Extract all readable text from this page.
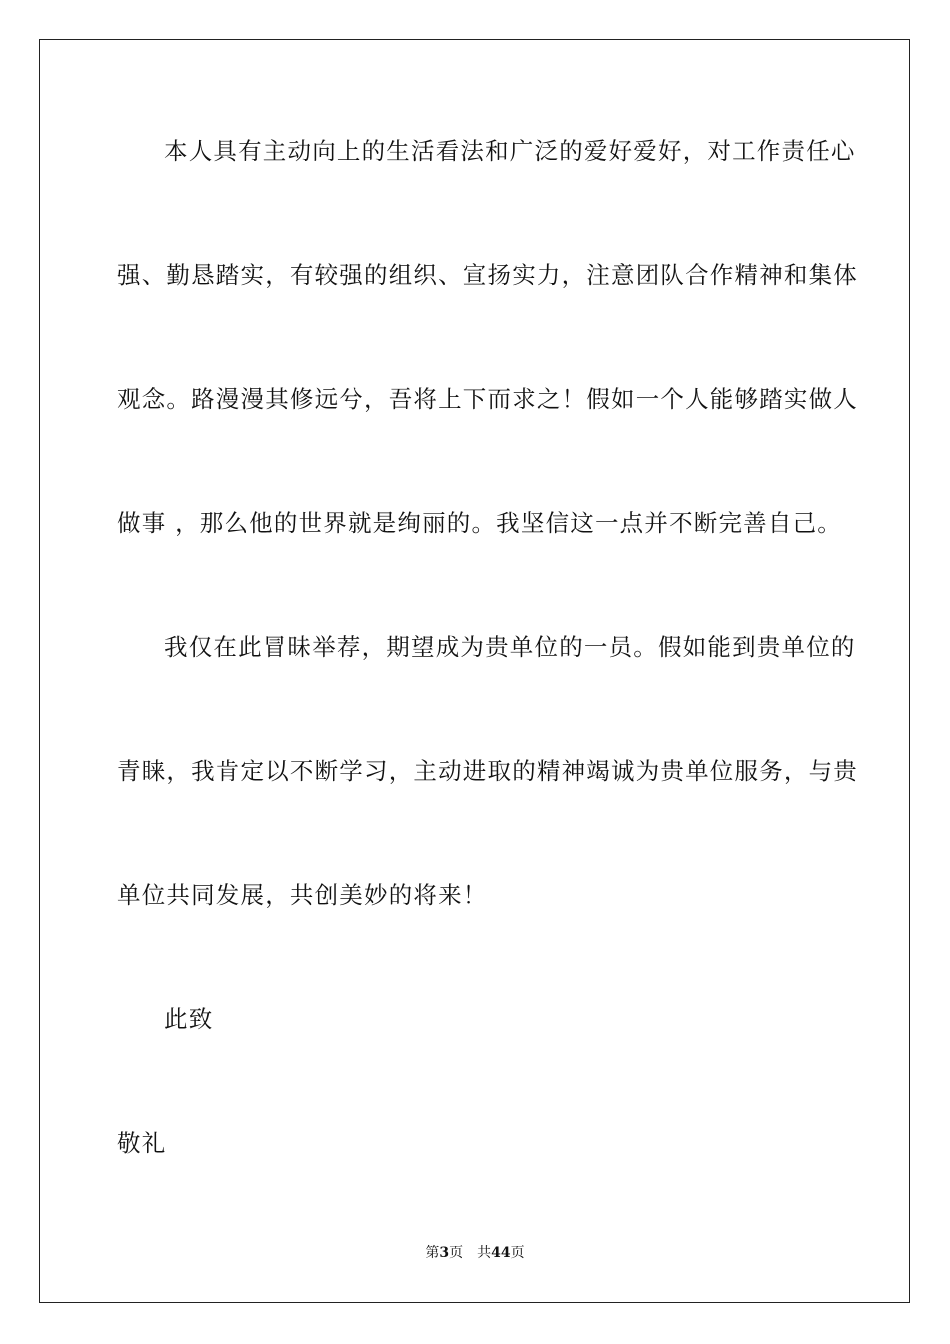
本人具有主动向上的生活看法和广泛的爱好爱好，对工作责任心
强、勤恳踏实，有较强的组织、宣扬实力，注意团队合作精神和集体
观念。路漫漫其修远兮，吾将上下而求之！假如一个人能够踏实做人
做事 ，那么他的世界就是绚丽的。我坚信这一点并不断完善自己。
我仅在此冒昧举荐，期望成为贵单位的一员。假如能到贵单位的
青睐，我肯定以不断学习，主动进取的精神竭诚为贵单位服务，与贵
单位共同发展，共创美妙的将来！
此致
敬礼
第3页 共44页
